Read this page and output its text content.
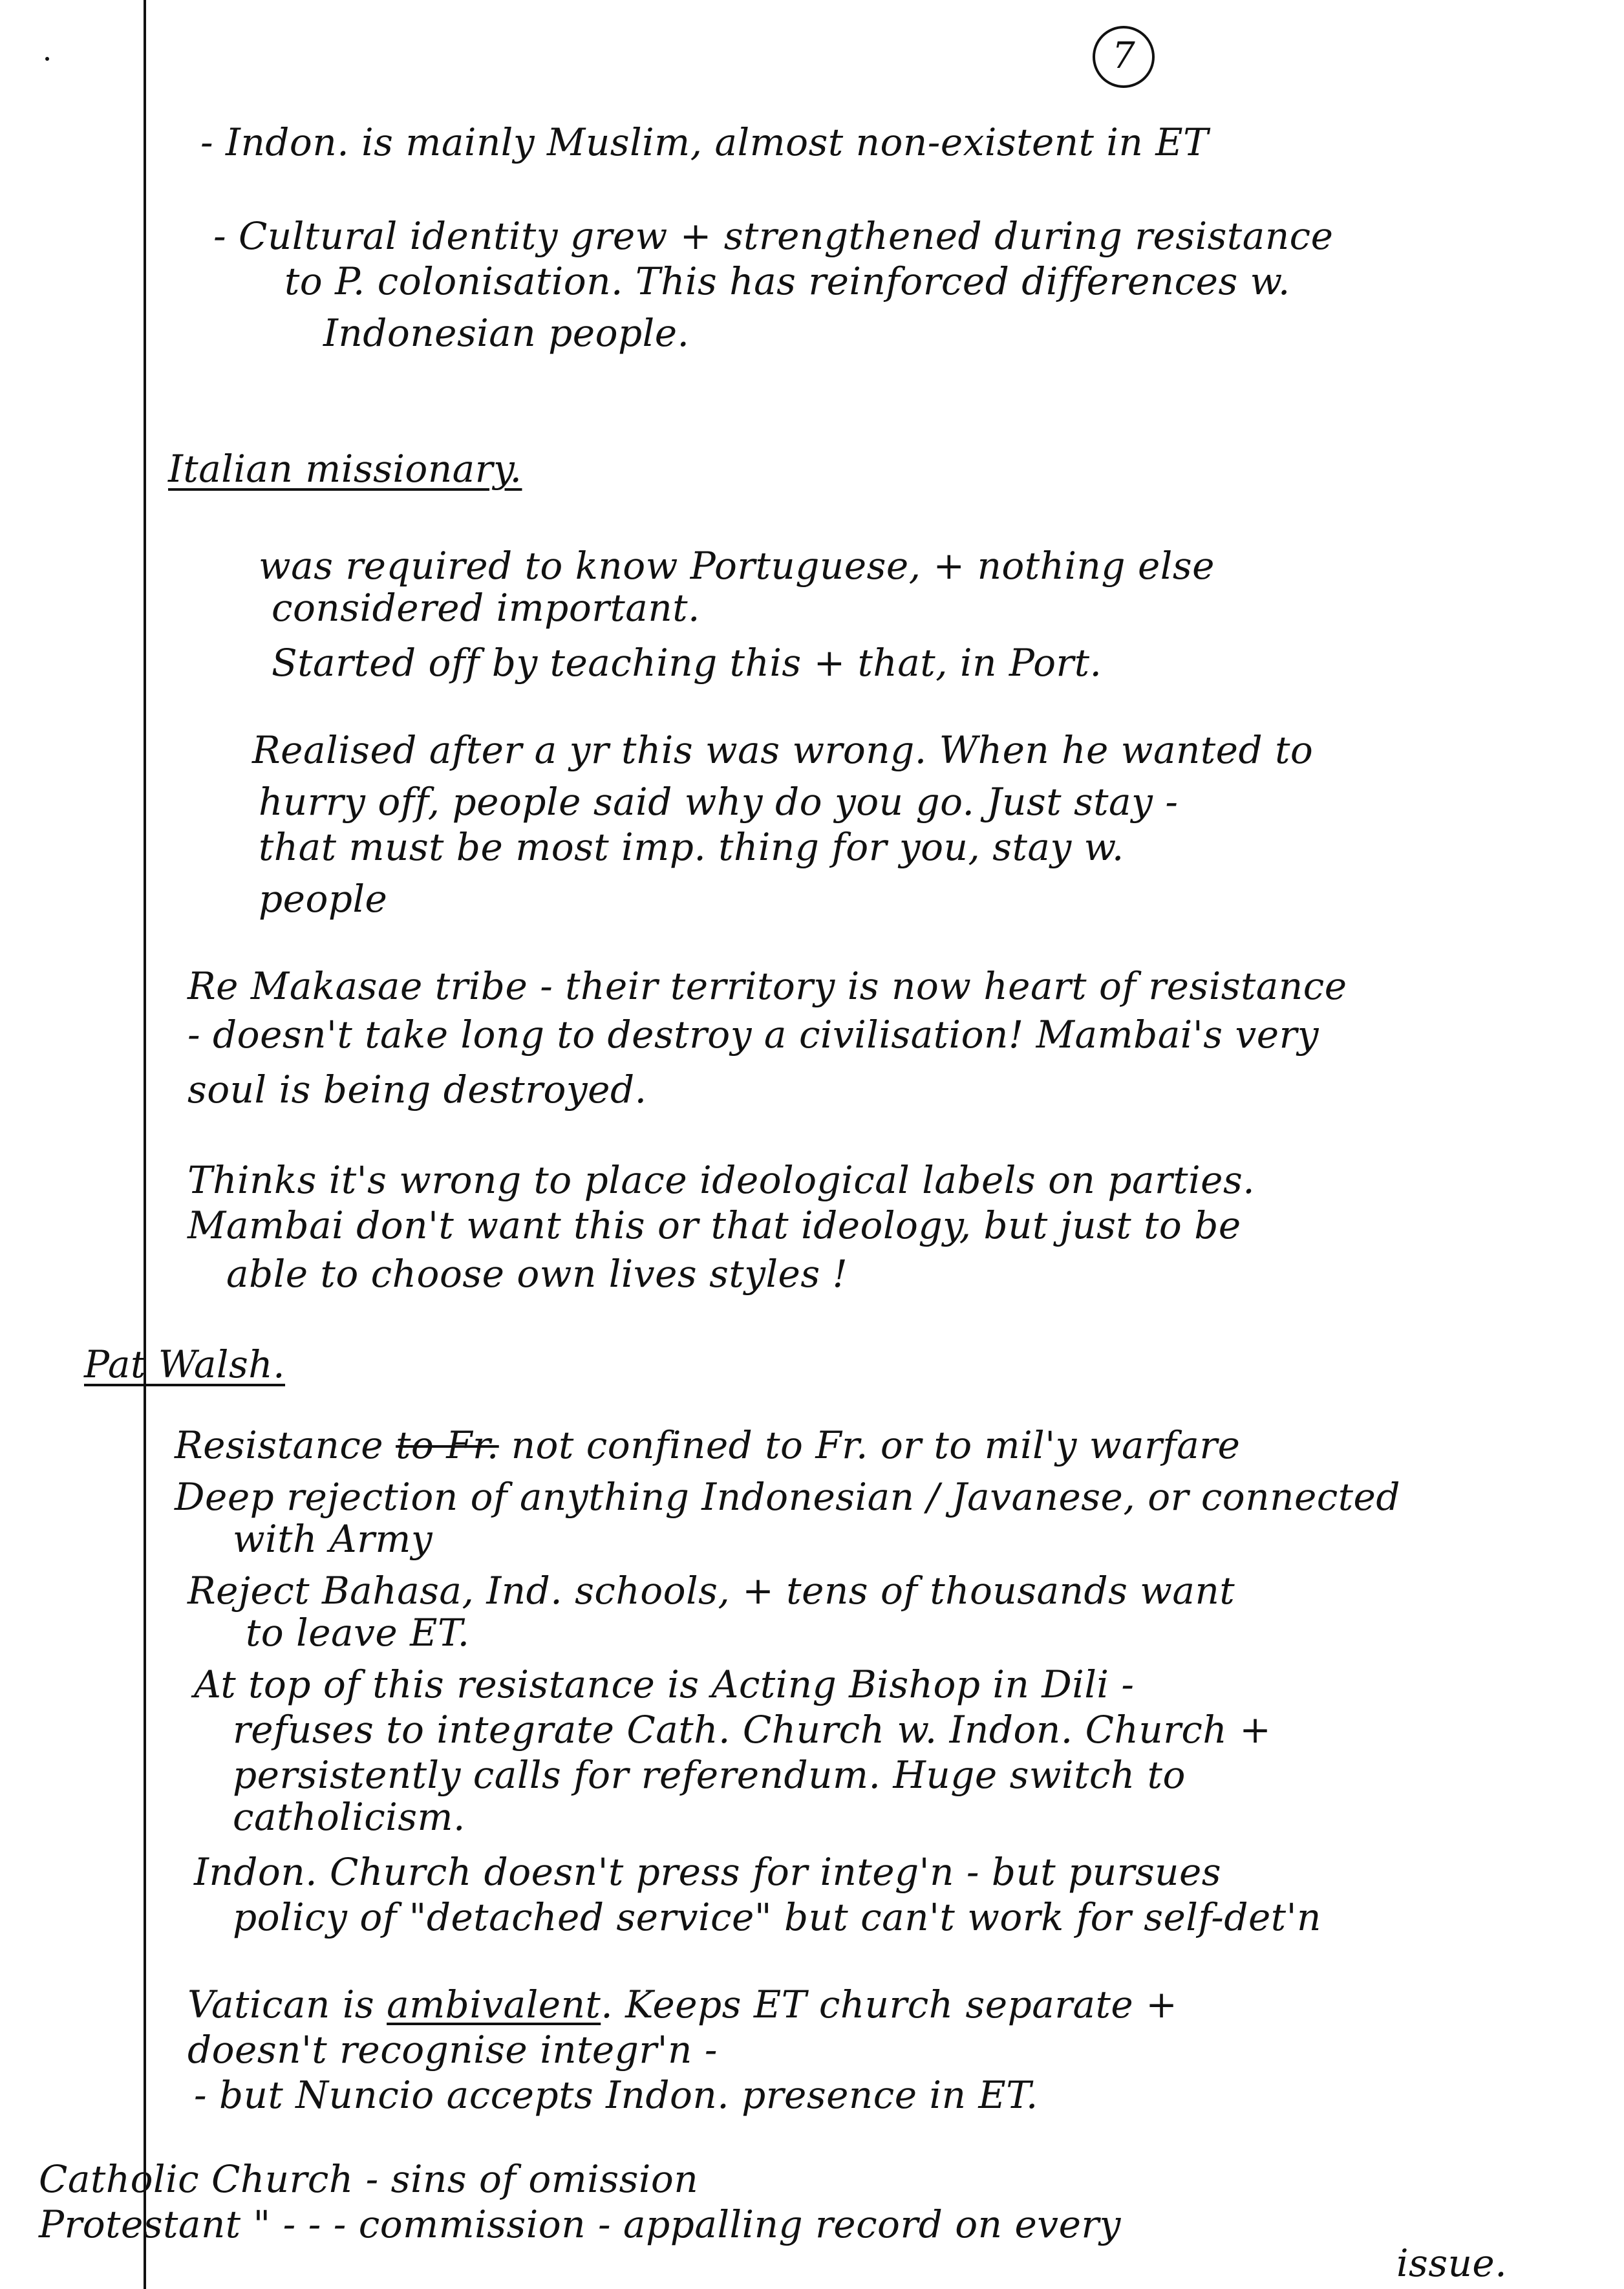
7
- Indon. is mainly Muslim, almost non-existent in ET
- Cultural identity grew + strengthened during resistance
to P. colonisation. This has reinforced differences w.
Indonesian people.
Italian missionary.
was required to know Portuguese, + nothing else
considered important.
Started off by teaching this + that, in Port.
Realised after a yr this was wrong. When he wanted to
hurry off, people said why do you go. Just stay -
that must be most imp. thing for you, stay w.
people
Re Makasae tribe - their territory is now heart of resistance
- doesn't take long to destroy a civilisation! Mambai's very
soul is being destroyed.
Thinks it's wrong to place ideological labels on parties.
Mambai don't want this or that ideology, but just to be
able to choose own lives styles !
Pat Walsh.
Resistance to Fr. not confined to Fr. or to mil'y warfare
Deep rejection of anything Indonesian / Javanese, or connected
with Army
Reject Bahasa, Ind. schools, + tens of thousands want
to leave ET.
At top of this resistance is Acting Bishop in Dili -
refuses to integrate Cath. Church w. Indon. Church +
persistently calls for referendum. Huge switch to
catholicism.
Indon. Church doesn't press for integ'n - but pursues
policy of "detached service" but can't work for self-det'n
Vatican is ambivalent. Keeps ET church separate +
doesn't recognise integr'n -
- but Nuncio accepts Indon. presence in ET.
Catholic Church - sins of omission
Protestant " - - - commission - appalling record on every
issue.
